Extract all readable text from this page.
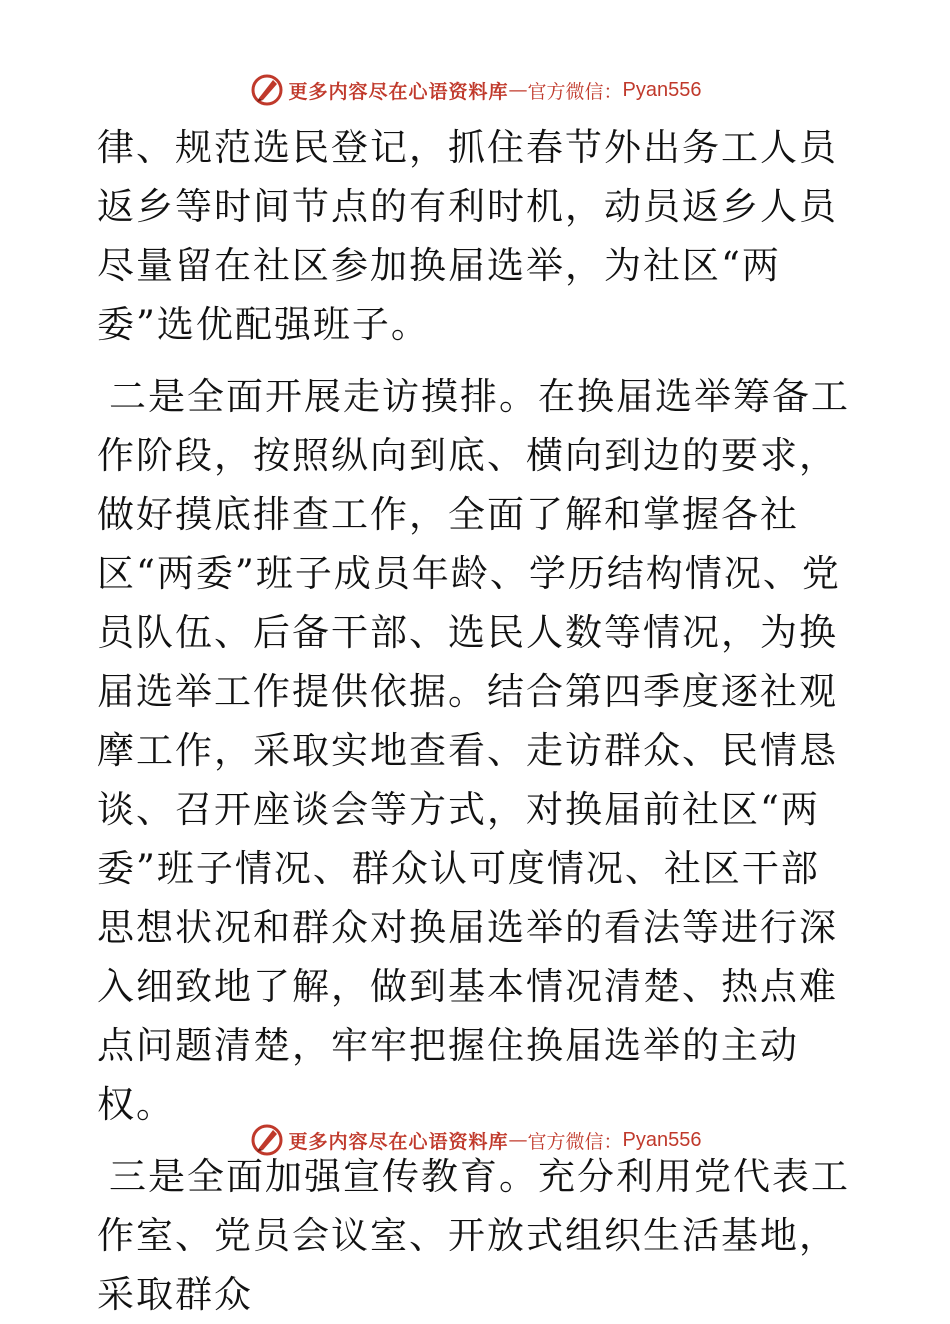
更多内容尽在心语资料库 — 官方微信： Pyan556

律、规范选民登记，抓住春节外出务工人员返乡等时间节点的有利时机，动员返乡人员尽量留在社区参加换届选举，为社区“两委”选优配强班子。

二是全面开展走访摸排。在换届选举筹备工作阶段，按照纵向到底、横向到边的要求，做好摸底排查工作，全面了解和掌握各社区“两委”班子成员年龄、学历结构情况、党员队伍、后备干部、选民人数等情况，为换届选举工作提供依据。结合第四季度逐社观摩工作，采取实地查看、走访群众、民情恳谈、召开座谈会等方式，对换届前社区“两委”班子情况、群众认可度情况、社区干部思想状况和群众对换届选举的看法等进行深入细致地了解，做到基本情况清楚、热点难点问题清楚，牢牢把握住换届选举的主动权。

三是全面加强宣传教育。充分利用党代表工作室、党员会议室、开放式组织生活基地，采取群众

更多内容尽在心语资料库 — 官方微信： Pyan556
